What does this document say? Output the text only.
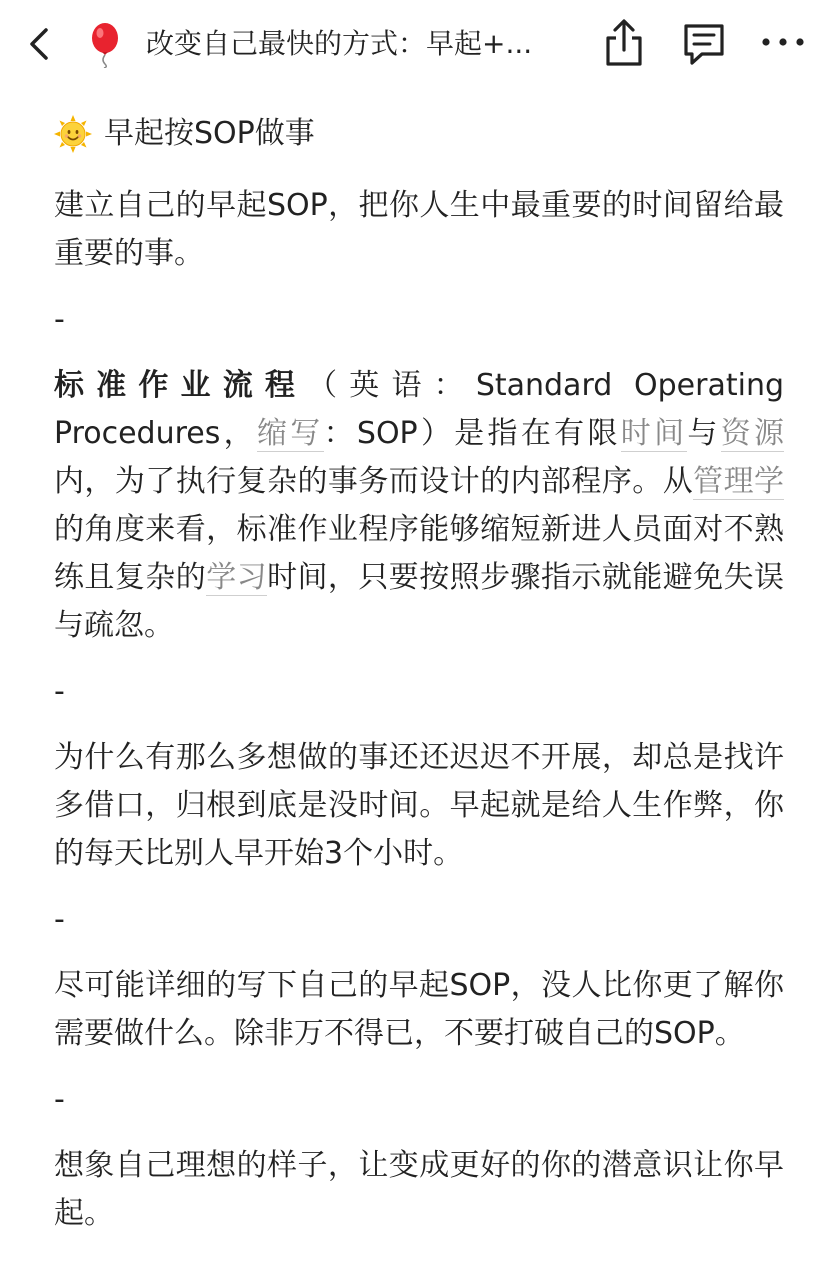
改变自己最快的方式：早起+...
早起按SOP做事

建立自己的早起SOP，把你人生中最重要的时间留给最重要的事。

-

标准作业流程（英语：Standard Operating Procedures，缩写：SOP）是指在有限时间与资源内，为了执行复杂的事务而设计的内部程序。从管理学的角度来看，标准作业程序能够缩短新进人员面对不熟练且复杂的学习时间，只要按照步骤指示就能避免失误与疏忽。

-

为什么有那么多想做的事还还迟迟不开展，却总是找许多借口，归根到底是没时间。早起就是给人生作弊，你的每天比别人早开始3个小时。

-

尽可能详细的写下自己的早起SOP，没人比你更了解你需要做什么。除非万不得已，不要打破自己的SOP。

-

想象自己理想的样子，让变成更好的你的潜意识让你早起。
